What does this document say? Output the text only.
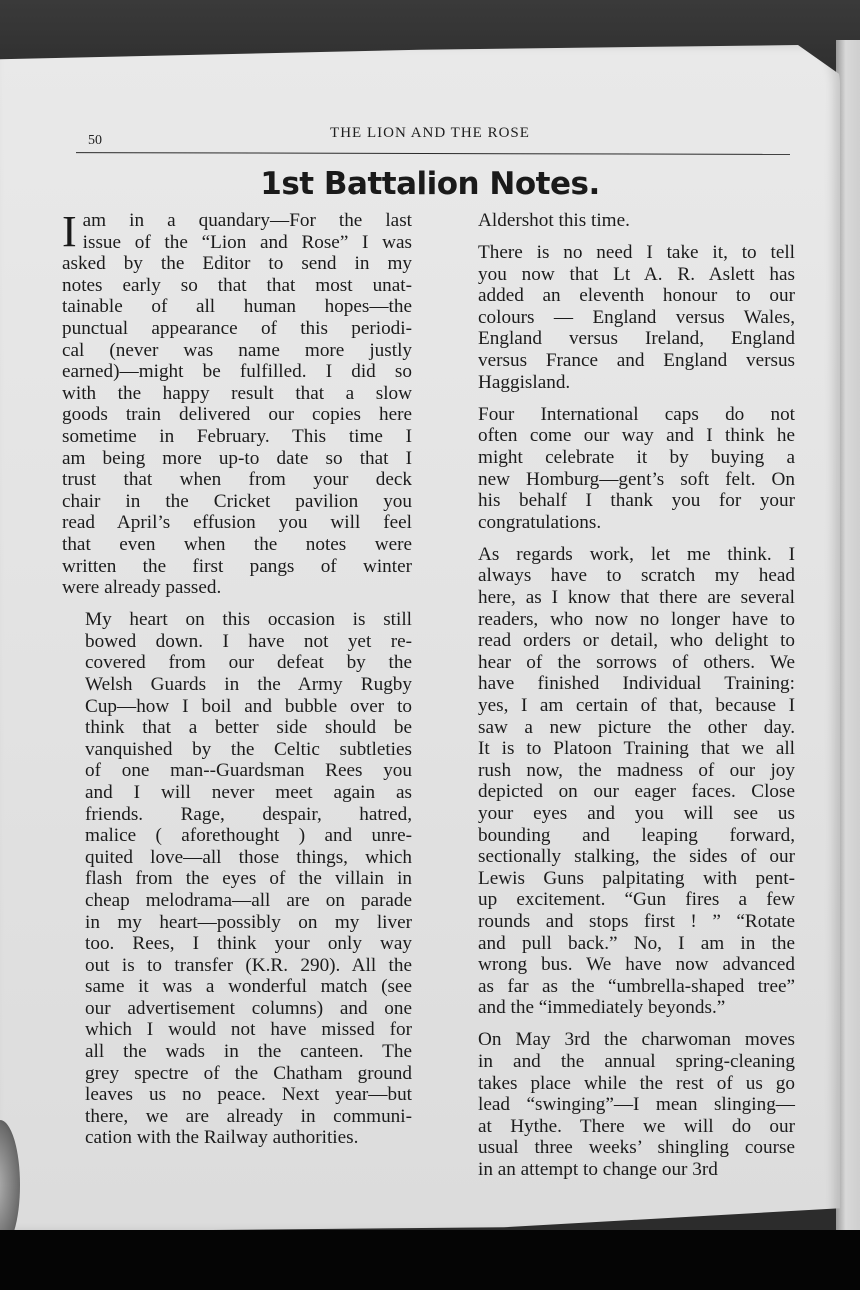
50	THE LION AND THE ROSE
1st Battalion Notes.

I am in a quandary—For the last
issue of the “Lion and Rose” I was
asked by the Editor to send in my
notes early so that that most unat-
tainable of all human hopes—the
punctual appearance of this periodi-
cal (never was name more justly
earned)—might be fulfilled. I did so
with the happy result that a slow
goods train delivered our copies here
sometime in February. This time I
am being more up-to date so that I
trust that when from your deck
chair in the Cricket pavilion you
read April’s effusion you will feel
that even when the notes were
written the first pangs of winter
were already passed.

My heart on this occasion is still
bowed down. I have not yet re-
covered from our defeat by the
Welsh Guards in the Army Rugby
Cup—how I boil and bubble over to
think that a better side should be
vanquished by the Celtic subtleties
of one man--Guardsman Rees you
and I will never meet again as
friends. Rage, despair, hatred,
malice ( aforethought ) and unre-
quited love—all those things, which
flash from the eyes of the villain in
cheap melodrama—all are on parade
in my heart—possibly on my liver
too. Rees, I think your only way
out is to transfer (K.R. 290). All the
same it was a wonderful match (see
our advertisement columns) and one
which I would not have missed for
all the wads in the canteen. The
grey spectre of the Chatham ground
leaves us no peace. Next year—but
there, we are already in communi-
cation with the Railway authorities.

Aldershot this time.

There is no need I take it, to tell
you now that Lt A. R. Aslett has
added an eleventh honour to our
colours — England versus Wales,
England versus Ireland, England
versus France and England versus
Haggisland.

Four International caps do not
often come our way and I think he
might celebrate it by buying a
new Homburg—gent’s soft felt. On
his behalf I thank you for your
congratulations.

As regards work, let me think. I
always have to scratch my head
here, as I know that there are several
readers, who now no longer have to
read orders or detail, who delight to
hear of the sorrows of others. We
have finished Individual Training:
yes, I am certain of that, because I
saw a new picture the other day.
It is to Platoon Training that we all
rush now, the madness of our joy
depicted on our eager faces. Close
your eyes and you will see us
bounding and leaping forward,
sectionally stalking, the sides of our
Lewis Guns palpitating with pent-
up excitement. “Gun fires a few
rounds and stops first ! ” “Rotate
and pull back.” No, I am in the
wrong bus. We have now advanced
as far as the “umbrella-shaped tree”
and the “immediately beyonds.”

On May 3rd the charwoman moves
in and the annual spring-cleaning
takes place while the rest of us go
lead “swinging”—I mean slinging—
at Hythe. There we will do our
usual three weeks’ shingling course
in an attempt to change our 3rd
